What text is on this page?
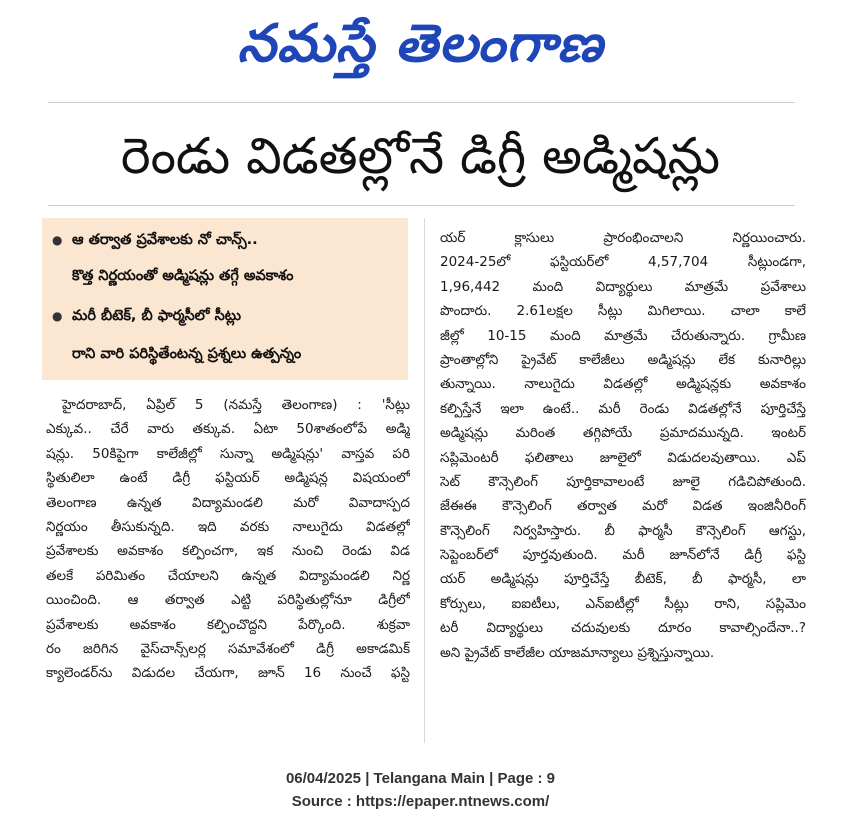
నమస్తే తెలంగాణ
రెండు విడతల్లోనే డిగ్రీ అడ్మిషన్లు
● ఆ తర్వాత ప్రవేశాలకు నో చాన్స్..
కొత్త నిర్ణయంతో అడ్మిషన్లు తగ్గే అవకాశం
● మరీ బీటెక్, బీ ఫార్మసీలో సీట్లు
రాని వారి పరిస్థితేంటన్న ప్రశ్నలు ఉత్పన్నం
హైదరాబాద్, ఏప్రిల్ 5 (నమస్తే తెలంగాణ) : 'సీట్లు
ఎక్కువ.. చేరే వారు తక్కువ. ఏటా 50శాతంలోపే అడ్మి
షన్లు. 50కిపైగా కాలేజీల్లో సున్నా అడ్మిషన్లు' వాస్తవ పరి
స్థితులిలా ఉంటే డిగ్రీ ఫస్టియర్ అడ్మిషన్ల విషయంలో
తెలంగాణ ఉన్నత విద్యామండలి మరో వివాదాస్పద
నిర్ణయం తీసుకున్నది. ఇది వరకు నాలుగైదు విడతల్లో
ప్రవేశాలకు అవకాశం కల్పించగా, ఇక నుంచి రెండు విడ
తలకే పరిమితం చేయాలని ఉన్నత విద్యామండలి నిర్ణ
యించింది. ఆ తర్వాత ఎట్టి పరిస్థితుల్లోనూ డిగ్రీలో
ప్రవేశాలకు అవకాశం కల్పించొద్దని పేర్కొంది. శుక్రవా
రం జరిగిన వైస్‌చాన్స్‌లర్ల సమావేశంలో డిగ్రీ అకాడమిక్
క్యాలెండర్‌ను విడుదల చేయగా, జూన్ 16 నుంచే ఫస్టి
యర్ క్లాసులు ప్రారంభించాలని నిర్ణయించారు.
2024-25లో ఫస్టియర్‌లో 4,57,704 సీట్లుండగా,
1,96,442 మంది విద్యార్థులు మాత్రమే ప్రవేశాలు
పొందారు. 2.61లక్షల సీట్లు మిగిలాయి. చాలా కాలే
జీల్లో 10-15 మంది మాత్రమే చేరుతున్నారు. గ్రామీణ
ప్రాంతాల్లోని ప్రైవేట్ కాలేజీలు అడ్మిషన్లు లేక కునారిల్లు
తున్నాయి. నాలుగైదు విడతల్లో అడ్మిషన్లకు అవకాశం
కల్పిస్తేనే ఇలా ఉంటే.. మరీ రెండు విడతల్లోనే పూర్తిచేస్తే
అడ్మిషన్లు మరింత తగ్గిపోయే ప్రమాదమున్నది. ఇంటర్
సప్లిమెంటరీ ఫలితాలు జూలైలో విడుదలవుతాయి. ఎప్
సెట్ కౌన్సెలింగ్ పూర్తికావాలంటే జూలై గడిచిపోతుంది.
జేఈఈ కౌన్సెలింగ్ తర్వాత మరో విడత ఇంజినీరింగ్
కౌన్సెలింగ్ నిర్వహిస్తారు. బీ ఫార్మసీ కౌన్సెలింగ్ ఆగస్టు,
సెప్టెంబర్‌లో పూర్తవుతుంది. మరీ జూన్‌లోనే డిగ్రీ ఫస్టి
యర్ అడ్మిషన్లు పూర్తిచేస్తే బీటెక్, బీ ఫార్మసీ, లా
కోర్సులు, ఐఐటీలు, ఎన్ఐటీల్లో సీట్లు రాని, సప్లిమెం
టరీ విద్యార్థులు చదువులకు దూరం కావాల్సిందేనా..?
అని ప్రైవేట్ కాలేజీల యాజమాన్యాలు ప్రశ్నిస్తున్నాయి.
06/04/2025 | Telangana Main | Page : 9
Source : https://epaper.ntnews.com/
